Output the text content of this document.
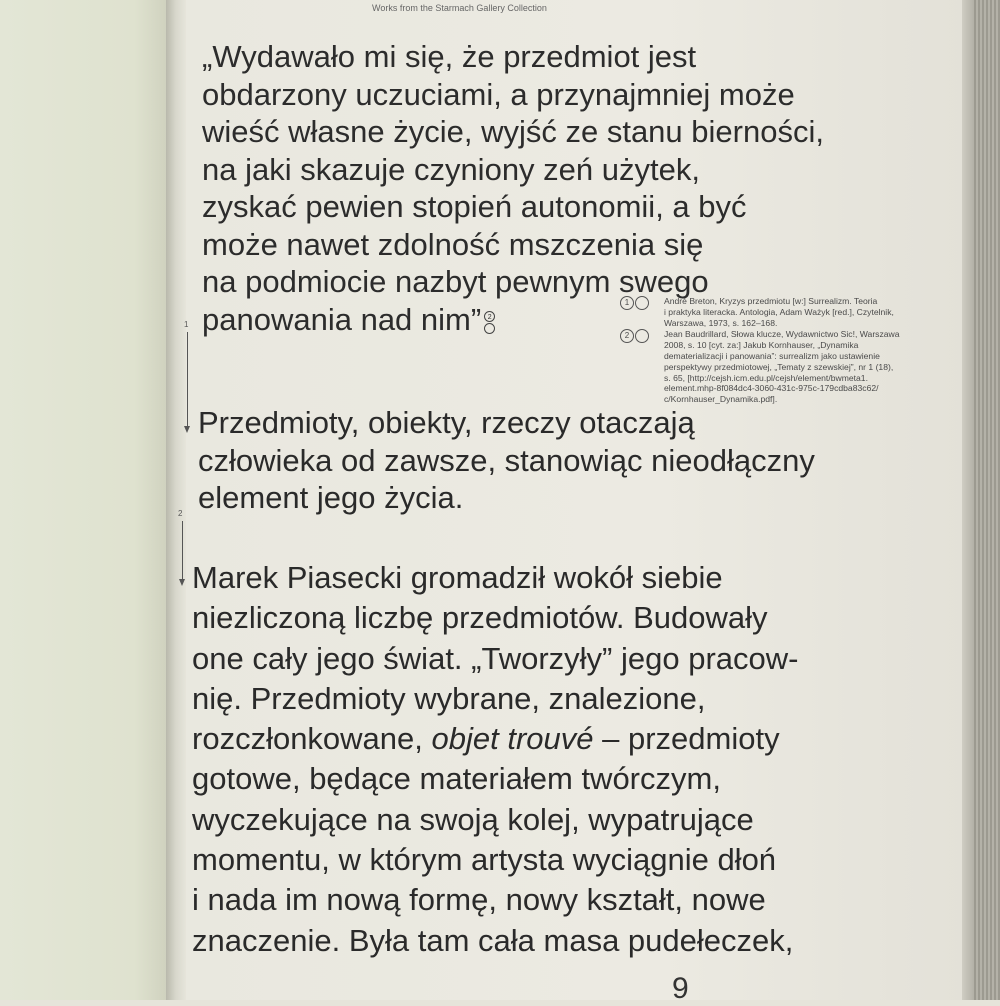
Works from the Starmach Gallery Collection
„Wydawało mi się, że przedmiot jest
obdarzony uczuciami, a przynajmniej może
wieść własne życie, wyjść ze stanu bierności,
na jaki skazuje czyniony zeń użytek,
zyskać pewien stopień autonomii, a być
może nawet zdolność mszczenia się
na podmiocie nazbyt pewnym swego
panowania nad nim” 2
1	André Breton, Kryzys przedmiotu [w:] Surrealizm. Teoria
i praktyka literacka. Antologia, Adam Ważyk [red.], Czytelnik,
Warszawa, 1973, s. 162–168.
2	Jean Baudrillard, Słowa klucze, Wydawnictwo Sic!, Warszawa
2008, s. 10 [cyt. za:] Jakub Kornhauser, „Dynamika
dematerializacji i panowania”: surrealizm jako ustawienie
perspektywy przedmiotowej, „Tematy z szewskiej”, nr 1 (18),
s. 65, [http://cejsh.icm.edu.pl/cejsh/element/bwmeta1.
element.mhp-8f084dc4-3060-431c-975c-179cdba83c62/
c/Kornhauser_Dynamika.pdf].
1
2

Przedmioty, obiekty, rzeczy otaczają
człowieka od zawsze, stanowiąc nieodłączny
element jego życia.

Marek Piasecki gromadził wokół siebie
niezliczoną liczbę przedmiotów. Budowały
one cały jego świat. „Tworzyły” jego pracow-
nię. Przedmioty wybrane, znalezione,
rozczłonkowane, objet trouvé – przedmioty
gotowe, będące materiałem twórczym,
wyczekujące na swoją kolej, wypatrujące
momentu, w którym artysta wyciągnie dłoń
i nada im nową formę, nowy kształt, nowe
znaczenie. Była tam cała masa pudełeczek,

9
